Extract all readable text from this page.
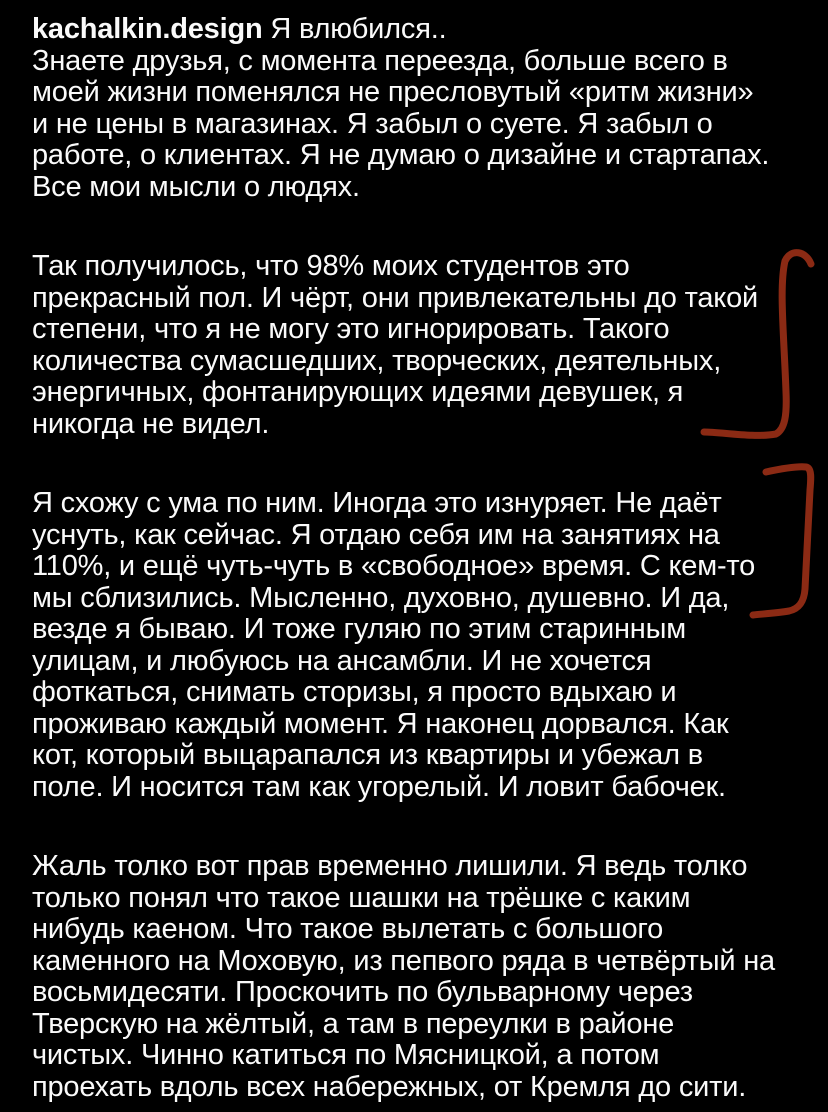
kachalkin.design Я влюбился..
Знаете друзья, с момента переезда, больше всего в
моей жизни поменялся не пресловутый «ритм жизни»
и не цены в магазинах. Я забыл о суете. Я забыл о
работе, о клиентах. Я не думаю о дизайне и стартапах.
Все мои мысли о людях.
Так получилось, что 98% моих студентов это
прекрасный пол. И чёрт, они привлекательны до такой
степени, что я не могу это игнорировать. Такого
количества сумасшедших, творческих, деятельных,
энергичных, фонтанирующих идеями девушек, я
никогда не видел.
Я схожу с ума по ним. Иногда это изнуряет. Не даёт
уснуть, как сейчас. Я отдаю себя им на занятиях на
110%, и ещё чуть-чуть в «свободное» время. С кем-то
мы сблизились. Мысленно, духовно, душевно. И да,
везде я бываю. И тоже гуляю по этим старинным
улицам, и любуюсь на ансамбли. И не хочется
фоткаться, снимать сторизы, я просто вдыхаю и
проживаю каждый момент. Я наконец дорвался. Как
кот, который выцарапался из квартиры и убежал в
поле. И носится там как угорелый. И ловит бабочек.
Жаль толко вот прав временно лишили. Я ведь толко
только понял что такое шашки на трёшке с каким
нибудь каеном. Что такое вылетать с большого
каменного на Моховую, из пепвого ряда в четвёртый на
восьмидесяти. Проскочить по бульварному через
Тверскую на жёлтый, а там в переулки в районе
чистых. Чинно катиться по Мясницкой, а потом
проехать вдоль всех набережных, от Кремля до сити.
